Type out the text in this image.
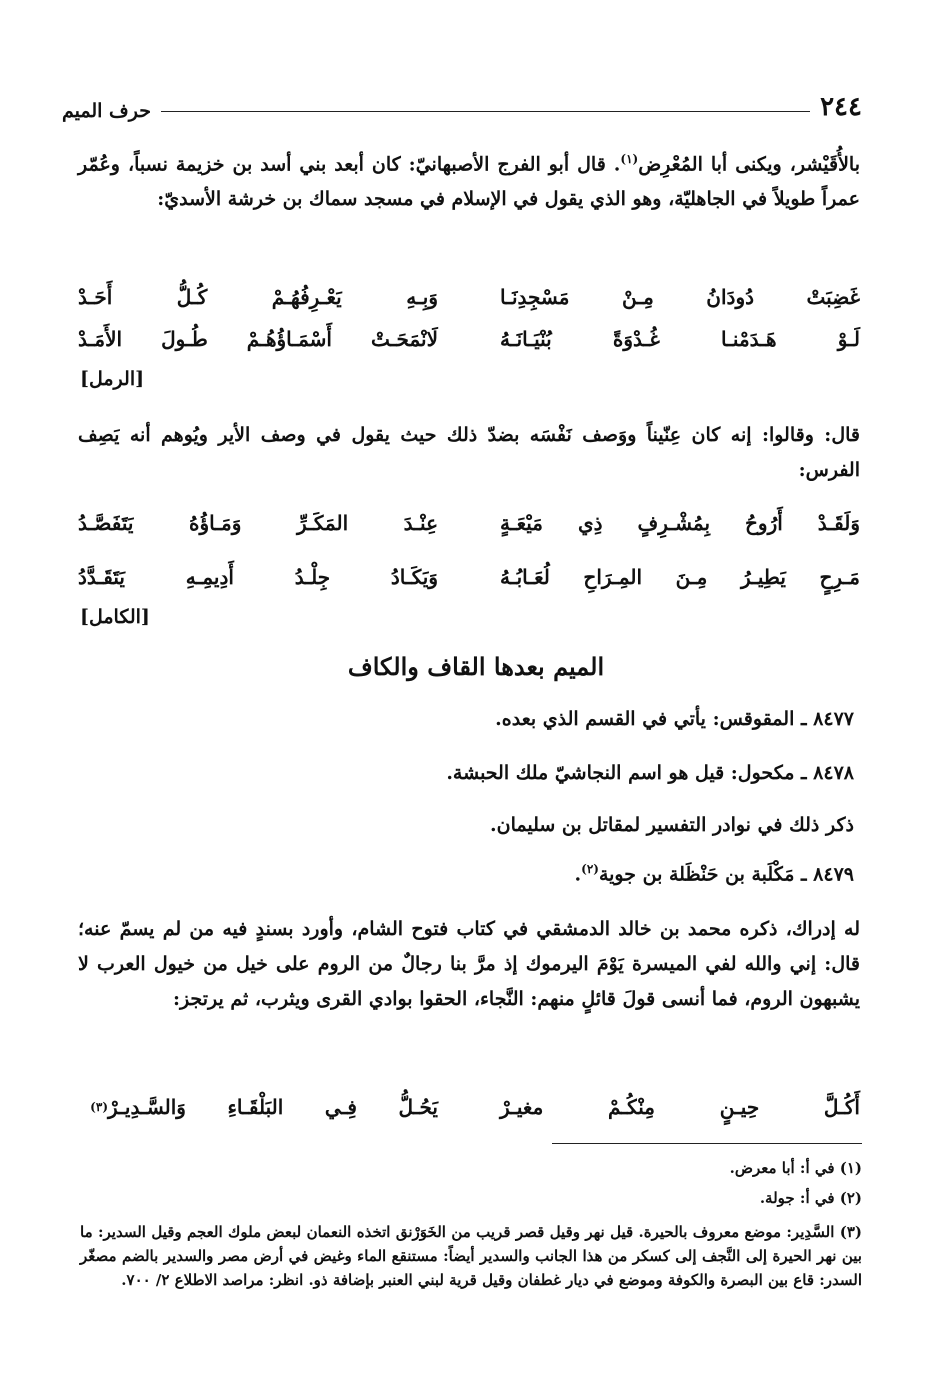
٢٤٤
حرف الميم
بالأُقَيْشر، ويكنى أبا المُعْرِض$^{(١)}$. قال أبو الفرج الأصبهانيّ: كان أبعد بني أسد بن خزيمة نسباً، وعُمّر عمراً طويلاً في الجاهليّة، وهو الذي يقول في الإسلام في مسجد سماك بن خرشة الأسديّ:
غَضِبَتْ دُودَانُ مِـنْ مَسْجِدِنَـا
وَبِـهِ يَعْـرِفُهُـمْ كُـلُّ أَحَـدْ
لَـوْ هَـدَمْنـا غُـدْوَةً بُنْيَـانَـهُ
لَانْمَحَـتْ أَسْمَـاؤُهُـمْ طُـولَ الأَمَـدْ
[الرمل]
قال: وقالوا: إنه كان عِنّيناً ووَصف نَفْسَه بضدّ ذلك حيث يقول في وصف الأير ويُوهم أنه يَصِف الفرس:
وَلَقَـدْ أَرُوحُ بِمُشْـرِفٍ ذِي مَيْعَـةٍ
عِنْـدَ المَكَـرِّ وَمَـاؤُهُ يَتَفَصَّـدُ
مَـرِحٍ يَطِيـرُ مِـنَ المِـرَاحِ لُعَـابُـهُ
وَيَكَـادُ جِلْـدُ أَدِيمِـهِ يَتَقَـدَّدُ
[الكامل]
الميم بعدها القاف والكاف
٨٤٧٧ ـ المقوقس: يأتي في القسم الذي بعده.
٨٤٧٨ ـ مكحول: قيل هو اسم النجاشيّ ملك الحبشة.
ذكر ذلك في نوادر التفسير لمقاتل بن سليمان.
٨٤٧٩ ـ مَكْلَبة بن حَنْظَلة بن جوية$^{(٢)}$.
له إدراك، ذكره محمد بن خالد الدمشقي في كتاب فتوح الشام، وأورد بسندٍ فيه من لم يسمّ عنه؛ قال: إني والله لفي الميسرة يَوْمَ اليرموك إذ مرَّ بنا رجالٌ من الروم على خيل من خيول العرب لا يشبهون الروم، فما أنسى قولَ قائلٍ منهم: النَّجاء، الحقوا بوادي القرى ويثرب، ثم يرتجز:
أَكُـلَّ حِيـنٍ مِنْكُـمْ مغيـرْ
يَحُـلُّ فِـي البَلْقَـاءِ وَالسَّـدِيـرْ
(٣)
(١) في أ: أبا معرض.
(٢) في أ: جولة.
(٣) السَّدِير: موضع معروف بالحيرة. قيل نهر وقيل قصر قريب من الخَوَرْنق اتخذه النعمان لبعض ملوك العجم وقيل السدير: ما بين نهر الحيرة إلى النَّجف إلى كسكر من هذا الجانب والسدير أيضاً: مستنقع الماء وغيض في أرض مصر والسدير بالضم مصغّر السدر: قاع بين البصرة والكوفة وموضع في ديار غطفان وقيل قرية لبني العنبر بإضافة ذو. انظر: مراصد الاطلاع ٢/ ٧٠٠.
